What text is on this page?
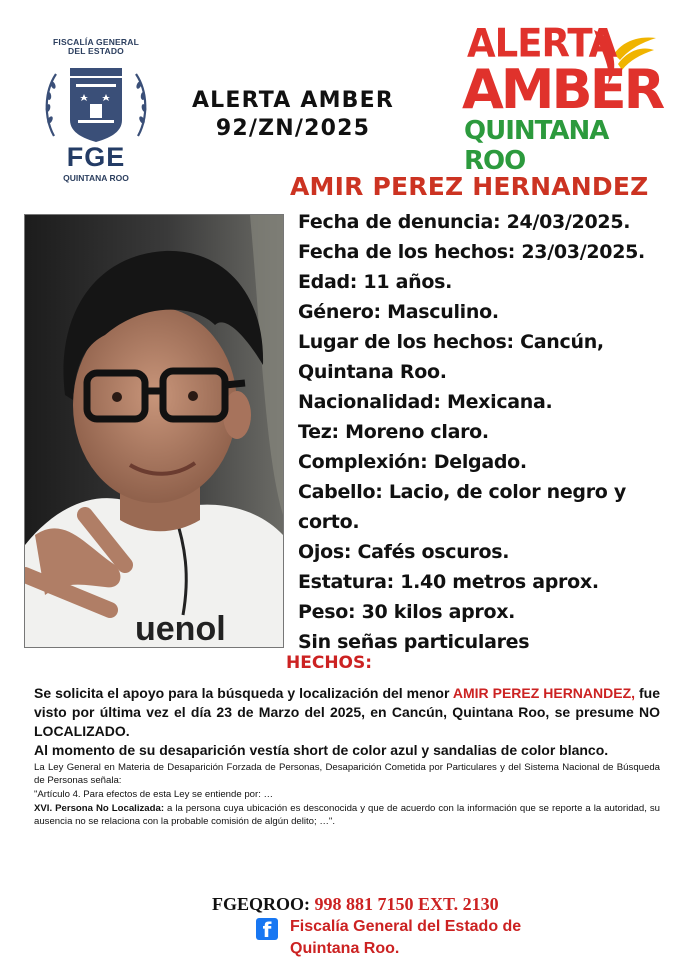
FISCALÍA GENERAL
DEL ESTADO
FGE
QUINTANA ROO
ALERTA AMBER
92/ZN/2025
ALERTA
AMBER
QUINTANA ROO
AMIR PEREZ HERNANDEZ
uenol
Fecha de denuncia: 24/03/2025.
Fecha de los hechos: 23/03/2025.
Edad: 11 años.
Género: Masculino.
Lugar de los hechos: Cancún,
Quintana Roo.
Nacionalidad: Mexicana.
Tez: Moreno claro.
Complexión: Delgado.
Cabello: Lacio, de color negro y
corto.
Ojos: Cafés oscuros.
Estatura: 1.40 metros aprox.
Peso: 30 kilos aprox.
Sin señas particulares
HECHOS:
Se solicita el apoyo para la búsqueda y localización del menor AMIR PEREZ HERNANDEZ, fue visto por última vez el día 23 de Marzo del 2025, en Cancún, Quintana Roo, se presume NO LOCALIZADO.
Al momento de su desaparición vestía short de color azul y sandalias de color blanco.
La Ley General en Materia de Desaparición Forzada de Personas, Desaparición Cometida por Particulares y del Sistema Nacional de Búsqueda de Personas señala:
"Artículo 4. Para efectos de esta Ley se entiende por: …
XVI. Persona No Localizada: a la persona cuya ubicación es desconocida y que de acuerdo con la información que se reporte a la autoridad, su ausencia no se relaciona con la probable comisión de algún delito; …".
FGEQROO: 998 881 7150 EXT. 2130
f	Fiscalía General del Estado de
Quintana Roo.
